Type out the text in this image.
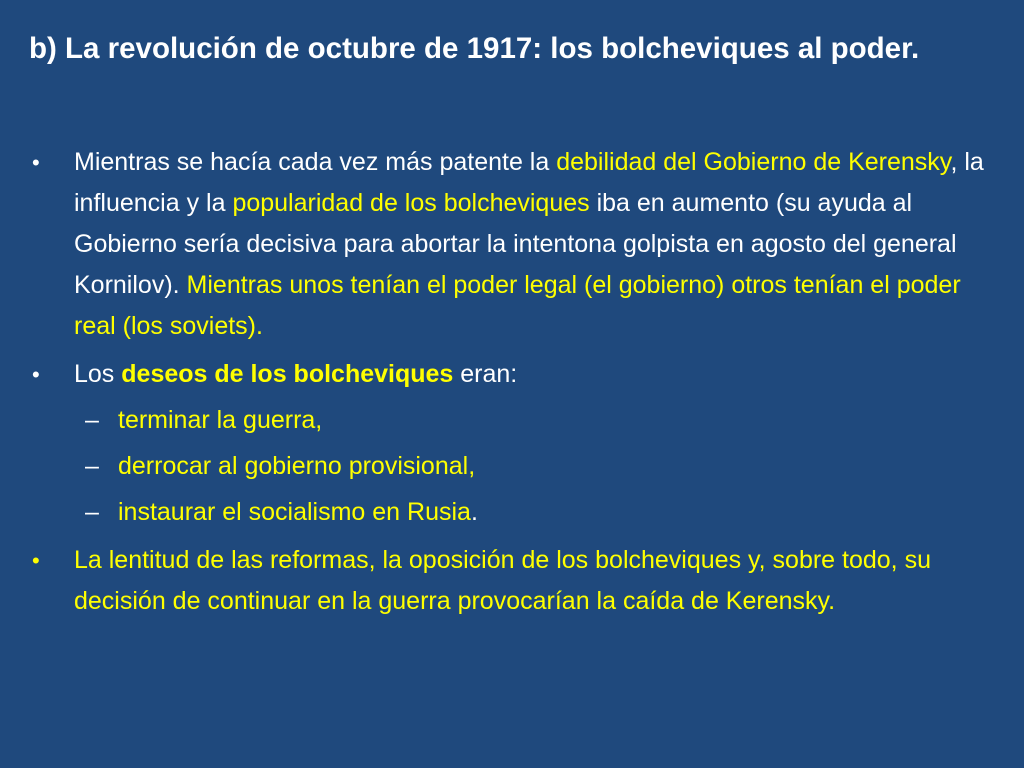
b) La revolución de octubre de 1917: los bolcheviques al poder.
• Mientras se hacía cada vez más patente la debilidad del Gobierno de Kerensky, la influencia y la popularidad de los bolcheviques iba en aumento (su ayuda al Gobierno sería decisiva para abortar la intentona golpista en agosto del general Kornilov). Mientras unos tenían el poder legal (el gobierno) otros tenían el poder real (los soviets).
• Los deseos de los bolcheviques eran:
– terminar la guerra,
– derrocar al gobierno provisional,
– instaurar el socialismo en Rusia.
• La lentitud de las reformas, la oposición de los bolcheviques y, sobre todo, su decisión de continuar en la guerra provocarían la caída de Kerensky.
